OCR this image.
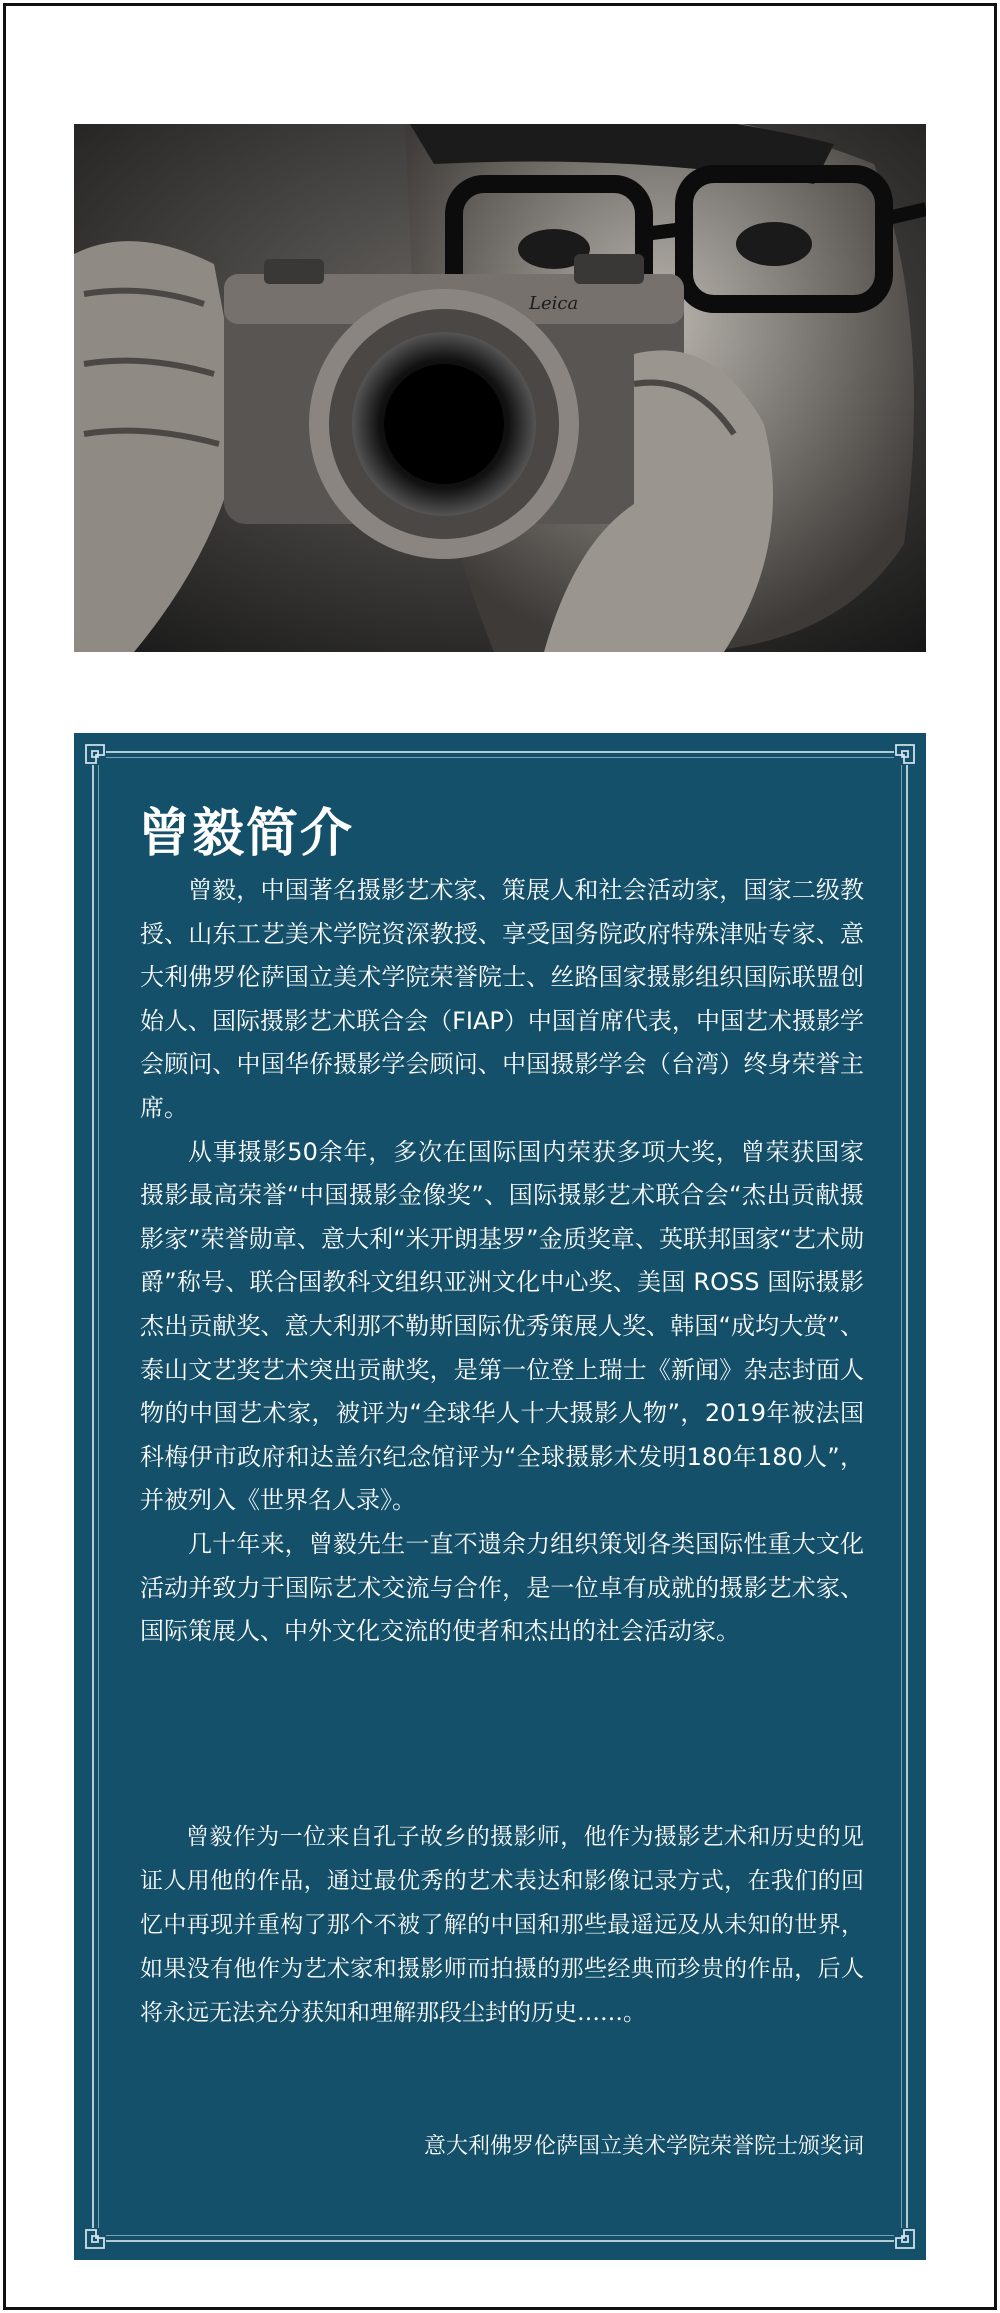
Leica
曾毅简介

曾毅，中国著名摄影艺术家、策展人和社会活动家，国家二级教授、山东工艺美术学院资深教授、享受国务院政府特殊津贴专家、意大利佛罗伦萨国立美术学院荣誉院士、丝路国家摄影组织国际联盟创始人、国际摄影艺术联合会（FIAP）中国首席代表，中国艺术摄影学会顾问、中国华侨摄影学会顾问、中国摄影学会（台湾）终身荣誉主席。

从事摄影50余年，多次在国际国内荣获多项大奖，曾荣获国家摄影最高荣誉“中国摄影金像奖”、国际摄影艺术联合会“杰出贡献摄影家”荣誉勋章、意大利“米开朗基罗”金质奖章、英联邦国家“艺术勋爵”称号、联合国教科文组织亚洲文化中心奖、美国 ROSS 国际摄影杰出贡献奖、意大利那不勒斯国际优秀策展人奖、韩国“成均大赏”、泰山文艺奖艺术突出贡献奖，是第一位登上瑞士《新闻》杂志封面人物的中国艺术家，被评为“全球华人十大摄影人物”，2019年被法国科梅伊市政府和达盖尔纪念馆评为“全球摄影术发明180年180人”，并被列入《世界名人录》。

几十年来，曾毅先生一直不遗余力组织策划各类国际性重大文化活动并致力于国际艺术交流与合作，是一位卓有成就的摄影艺术家、国际策展人、中外文化交流的使者和杰出的社会活动家。

曾毅作为一位来自孔子故乡的摄影师，他作为摄影艺术和历史的见证人用他的作品，通过最优秀的艺术表达和影像记录方式，在我们的回忆中再现并重构了那个不被了解的中国和那些最遥远及从未知的世界，如果没有他作为艺术家和摄影师而拍摄的那些经典而珍贵的作品，后人将永远无法充分获知和理解那段尘封的历史……。

意大利佛罗伦萨国立美术学院荣誉院士颁奖词
